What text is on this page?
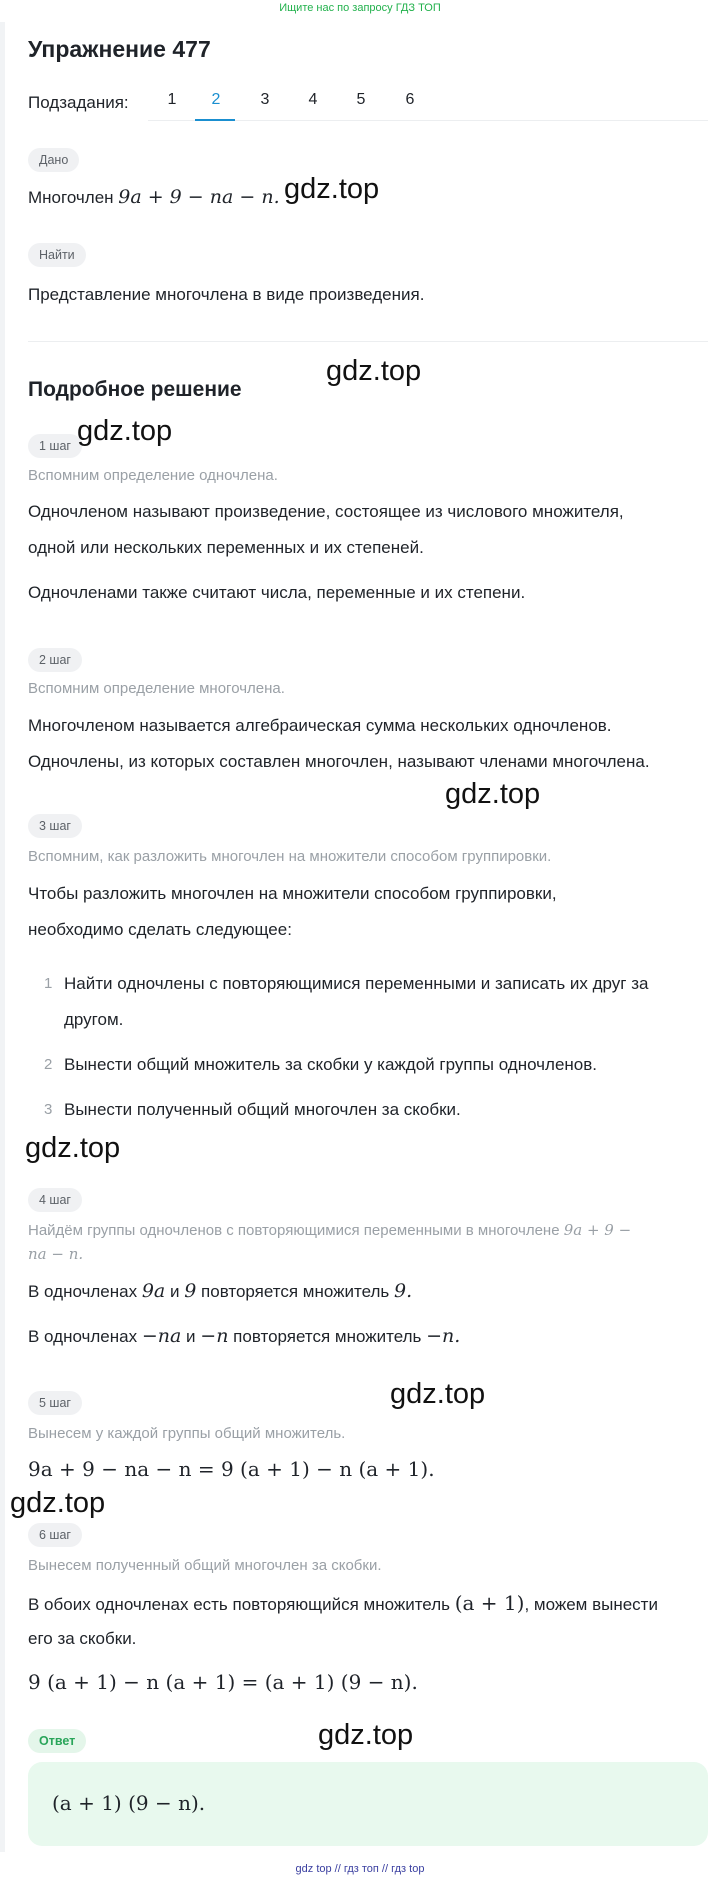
Ищите нас по запросу ГДЗ ТОП
Упражнение 477
Подзадания:	1	2	3	4	5	6
Дано
Многочлен 9a + 9 − na − n.
Найти
Представление многочлена в виде произведения.
Подробное решение
1 шаг
Вспомним определение одночлена.
Одночленом называют произведение, состоящее из числового множителя,
одной или нескольких переменных и их степеней.
Одночленами также считают числа, переменные и их степени.
2 шаг
Вспомним определение многочлена.
Многочленом называется алгебраическая сумма нескольких одночленов.
Одночлены, из которых составлен многочлен, называют членами многочлена.
3 шаг
Вспомним, как разложить многочлен на множители способом группировки.
Чтобы разложить многочлен на множители способом группировки,
необходимо сделать следующее:
1 Найти одночлены с повторяющимися переменными и записать их друг за
другом.
2 Вынести общий множитель за скобки у каждой группы одночленов.
3 Вынести полученный общий многочлен за скобки.
4 шаг
Найдём группы одночленов с повторяющимися переменными в многочлене 9a + 9 −
na − n.
В одночленах 9a и 9 повторяется множитель 9.
В одночленах −na и −n повторяется множитель −n.
5 шаг
Вынесем у каждой группы общий множитель.
9a + 9 − na − n = 9 (a + 1) − n (a + 1).
6 шаг
Вынесем полученный общий многочлен за скобки.
В обоих одночленах есть повторяющийся множитель (a + 1), можем вынести
его за скобки.
9 (a + 1) − n (a + 1) = (a + 1) (9 − n).
Ответ
(a + 1) (9 − n).
gdz.top
gdz.top
gdz.top
gdz.top
gdz.top
gdz.top
gdz.top
gdz.top
gdz top // гдз топ // гдз top
